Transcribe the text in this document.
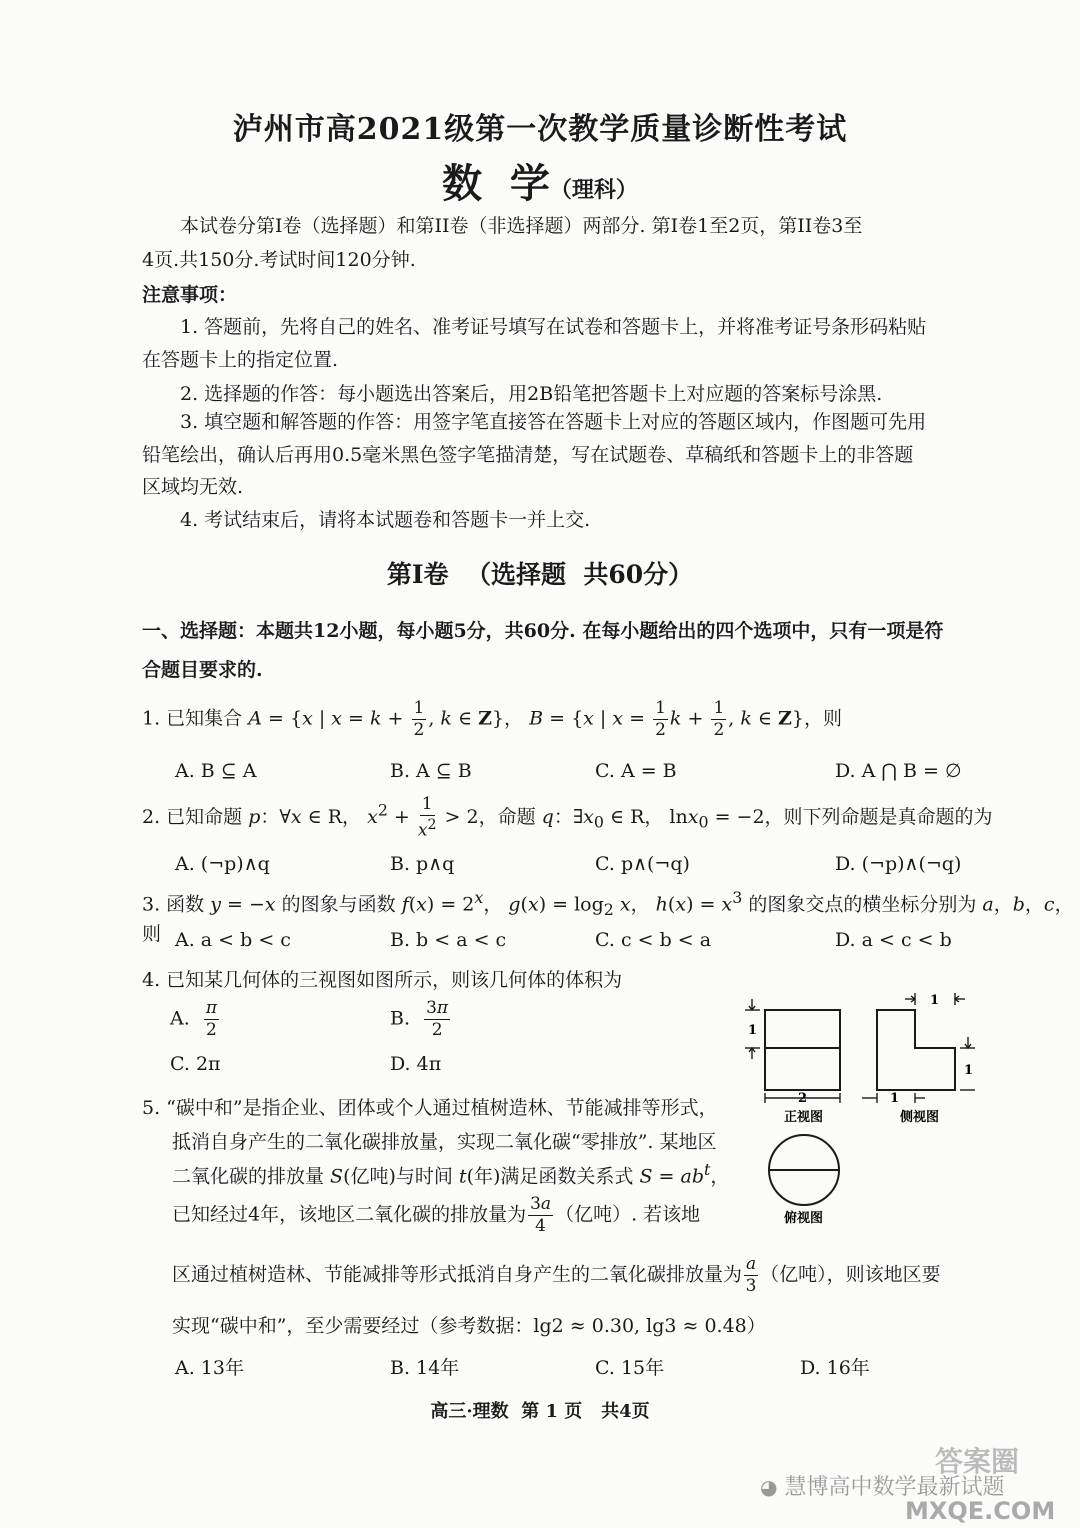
泸州市高2021级第一次教学质量诊断性考试
数  学（理科）
本试卷分第I卷（选择题）和第II卷（非选择题）两部分. 第I卷1至2页，第II卷3至
4页.共150分.考试时间120分钟.
注意事项：
1. 答题前，先将自己的姓名、准考证号填写在试卷和答题卡上，并将准考证号条形码粘贴
在答题卡上的指定位置.
2. 选择题的作答：每小题选出答案后，用2B铅笔把答题卡上对应题的答案标号涂黑.
3. 填空题和解答题的作答：用签字笔直接答在答题卡上对应的答题区域内，作图题可先用
铅笔绘出，确认后再用0.5毫米黑色签字笔描清楚，写在试题卷、草稿纸和答题卡上的非答题
区域均无效.
4. 考试结束后，请将本试题卷和答题卡一并上交.
第I卷  （选择题  共60分）
一、选择题：本题共12小题，每小题5分，共60分. 在每小题给出的四个选项中，只有一项是符
合题目要求的.
1. 已知集合 A = {x | $x = k + \frac{1}{2}$ , k ∈ Z}， B = {x | $x = \frac{1}{2}$ $k + \frac{1}{2}$ , k ∈ Z}，则
A. B ⊆ A	B. A ⊆ B	C. A = B	D. A ⋂ B = ∅
2. 已知命题 p：∀x ∈ R， $x^2 + \frac{1}{x^2} > 2$，命题 q：$\exists x_0$ ∈ R， lnx$_0$ = −2，则下列命题是真命题的为
A. (¬p)∧q	B. p∧q	C. p∧(¬q)	D. (¬p)∧(¬q)
3. 函数 y = −x 的图象与函数 $f(x) = 2^x$， $g(x) = \log_2 x$， $h(x) = x^3$ 的图象交点的横坐标分别为 a，b，c，则 A. a < b < c	B. b < a < c	C. c < b < a	D. a < c < b
4. 已知某几何体的三视图如图所示，则该几何体的体积为
A. $\frac{\pi}{2}$	B. $\frac{3\pi}{2}$
C. 2π	D. 4π
1
2
正视图
1
1
1
侧视图
俯视图
5. “碳中和”是指企业、团体或个人通过植树造林、节能减排等形式，
抵消自身产生的二氧化碳排放量，实现二氧化碳“零排放”. 某地区
二氧化碳的排放量 S(亿吨)与时间 t(年)满足函数关系式 $S = ab^t$，
已知经过4年，该地区二氧化碳的排放量为 $\frac{3a}{4}$ （亿吨）. 若该地
区通过植树造林、节能减排等形式抵消自身产生的二氧化碳排放量为 $\frac{a}{3}$ （亿吨），则该地区要
实现“碳中和”，至少需要经过（参考数据：lg2 ≈ 0.30, lg3 ≈ 0.48）
A. 13年	B. 14年	C. 15年	D. 16年
高三·理数  第 1 页   共4页
◕ 慧博高中数学最新试题
答案圈
MXQE.COM
